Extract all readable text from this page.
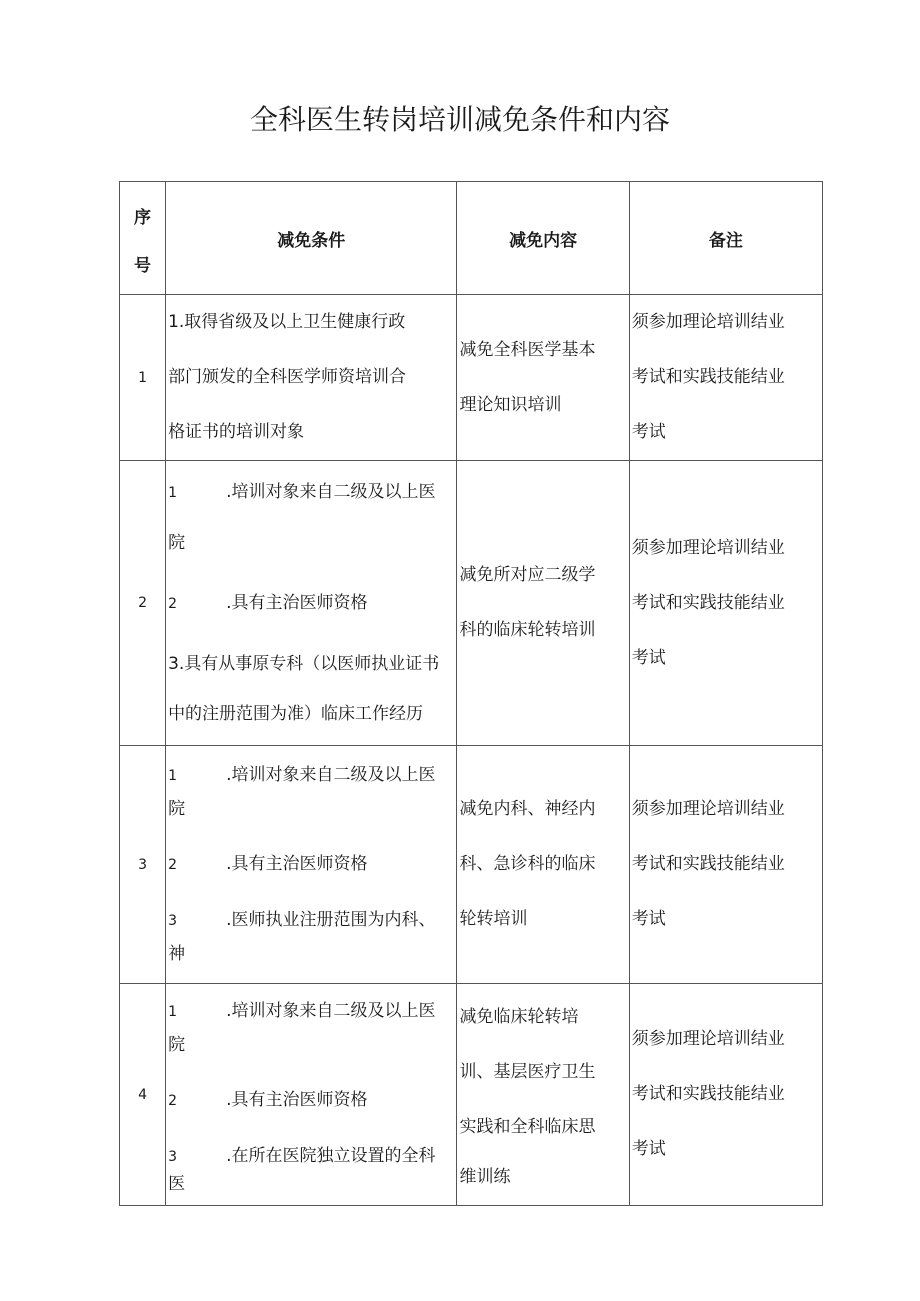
全科医生转岗培训减免条件和内容
序
号	减免条件	减免内容	备注
1	1.取得省级及以上卫生健康行政
部门颁发的全科医学师资培训合
格证书的培训对象	减免全科医学基本
理论知识培训	须参加理论培训结业
考试和实践技能结业
考试

2	1 .培训对象来自二级及以上医
院
2 .具有主治医师资格
3.具有从事原专科（以医师执业证书
中的注册范围为准）临床工作经历	减免所对应二级学
科的临床轮转培训	须参加理论培训结业
考试和实践技能结业
考试

3	1 .培训对象来自二级及以上医
院
2 .具有主治医师资格
3 .医师执业注册范围为内科、
神	减免内科、神经内
科、急诊科的临床
轮转培训	须参加理论培训结业
考试和实践技能结业
考试

4	1 .培训对象来自二级及以上医
院
2 .具有主治医师资格
3 .在所在医院独立设置的全科
医	减免临床轮转培
训、基层医疗卫生
实践和全科临床思
维训练	须参加理论培训结业
考试和实践技能结业
考试
